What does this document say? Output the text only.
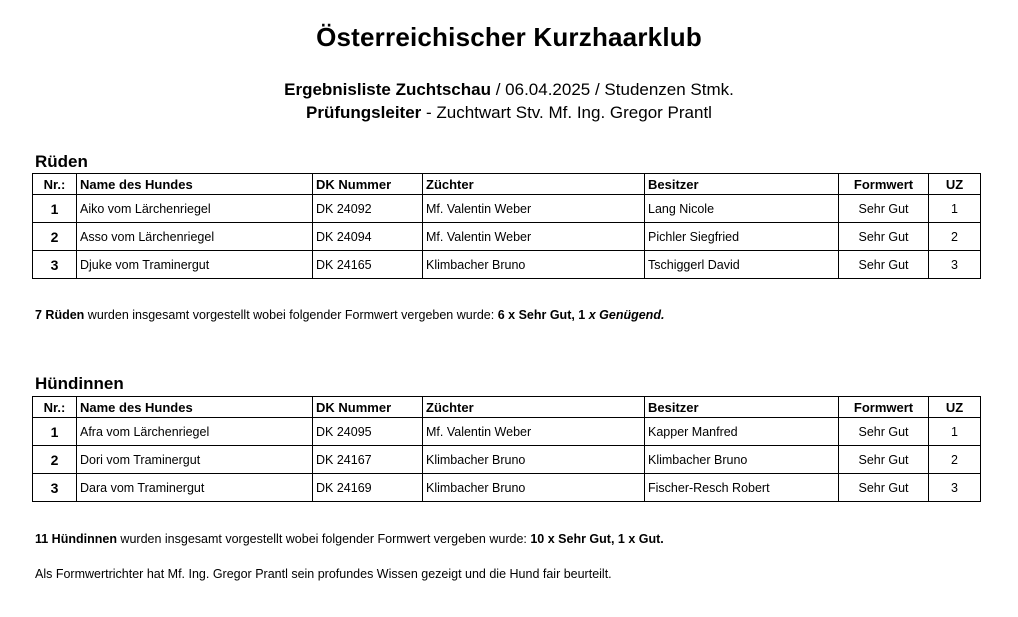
Österreichischer Kurzhaarklub
Ergebnisliste Zuchtschau / 06.04.2025 / Studenzen Stmk.
Prüfungsleiter - Zuchtwart Stv. Mf. Ing. Gregor Prantl
Rüden
Nr.:	Name des Hundes	DK Nummer	Züchter	Besitzer	Formwert	UZ
1	Aiko vom Lärchenriegel	DK 24092	Mf. Valentin Weber	Lang Nicole	Sehr Gut	1
2	Asso vom Lärchenriegel	DK 24094	Mf. Valentin Weber	Pichler Siegfried	Sehr Gut	2
3	Djuke vom Traminergut	DK 24165	Klimbacher Bruno	Tschiggerl David	Sehr Gut	3
7 Rüden wurden insgesamt vorgestellt wobei folgender Formwert vergeben wurde: 6 x Sehr Gut, 1 x Genügend.
Hündinnen
Nr.:	Name des Hundes	DK Nummer	Züchter	Besitzer	Formwert	UZ
1	Afra vom Lärchenriegel	DK 24095	Mf. Valentin Weber	Kapper Manfred	Sehr Gut	1
2	Dori vom Traminergut	DK 24167	Klimbacher Bruno	Klimbacher Bruno	Sehr Gut	2
3	Dara vom Traminergut	DK 24169	Klimbacher Bruno	Fischer-Resch Robert	Sehr Gut	3
11 Hündinnen wurden insgesamt vorgestellt wobei folgender Formwert vergeben wurde: 10 x Sehr Gut, 1 x Gut.
Als Formwertrichter hat Mf. Ing. Gregor Prantl sein profundes Wissen gezeigt und die Hund fair beurteilt.
